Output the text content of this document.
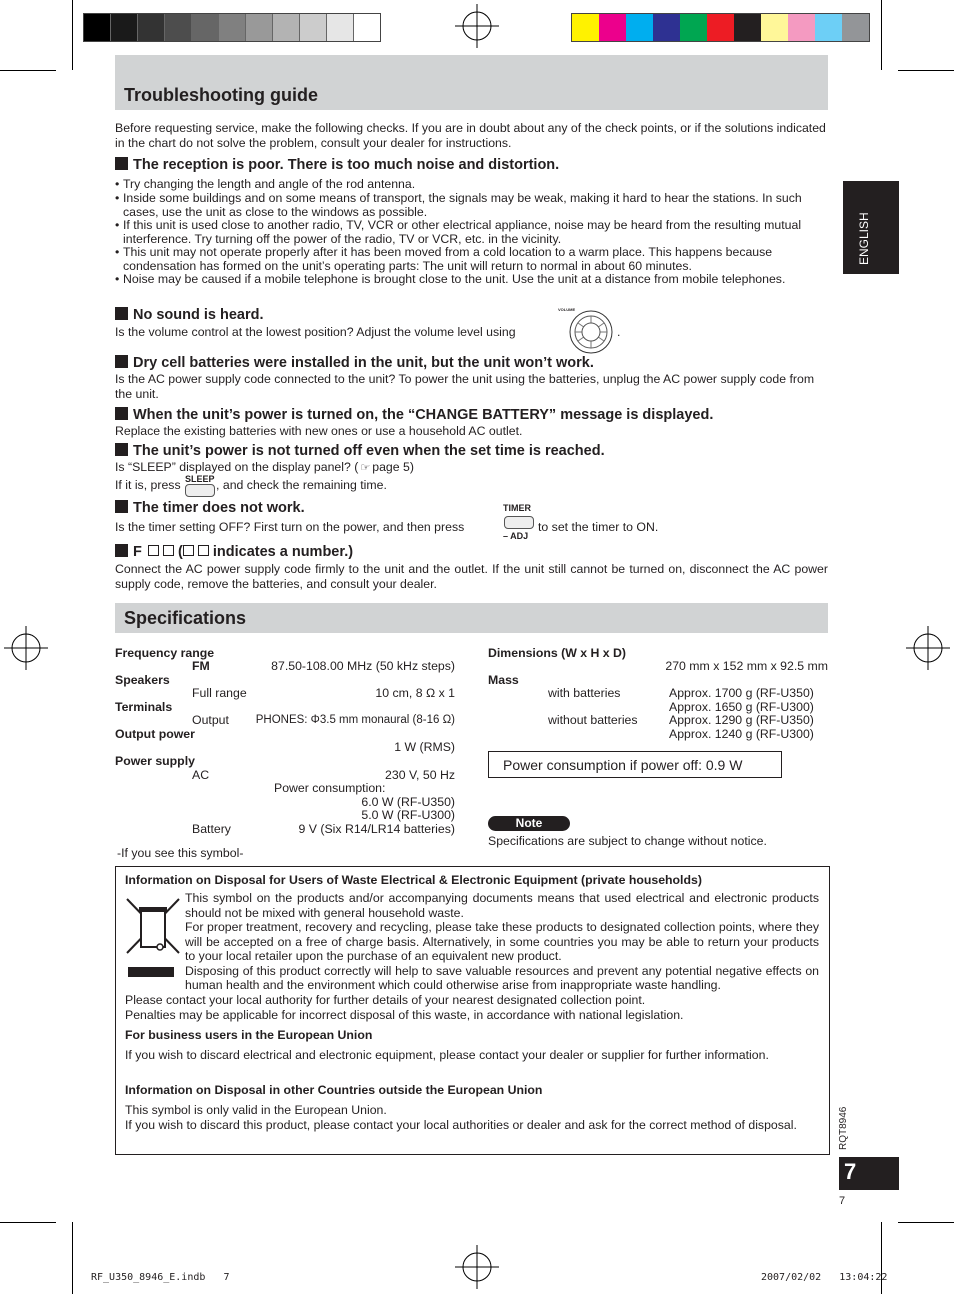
ENGLISH
Troubleshooting guide
Before requesting service, make the following checks. If you are in doubt about any of the check points, or if the solutions indicated in the chart do not solve the problem, consult your dealer for instructions.
The reception is poor. There is too much noise and distortion.
• Try changing the length and angle of the rod antenna.
• Inside some buildings and on some means of transport, the signals may be weak, making it hard to hear the stations. In such cases, use the unit as close to the windows as possible.
• If this unit is used close to another radio, TV, VCR or other electrical appliance, noise may be heard from the resulting mutual interference. Try turning off the power of the radio, TV or VCR, etc. in the vicinity.
• This unit may not operate properly after it has been moved from a cold location to a warm place. This happens because condensation has formed on the unit’s operating parts: The unit will return to normal in about 60 minutes.
• Noise may be caused if a mobile telephone is brought close to the unit. Use the unit at a distance from mobile telephones.
No sound is heard.
Is the volume control at the lowest position? Adjust the volume level using
VOLUME
.
Dry cell batteries were installed in the unit, but the unit won’t work.
Is the AC power supply code connected to the unit? To power the unit using the batteries, unplug the AC power supply code from the unit.
When the unit’s power is turned on, the “CHANGE BATTERY” message is displayed.
Replace the existing batteries with new ones or use a household AC outlet.
The unit’s power is not turned off even when the set time is reached.
Is “SLEEP” displayed on the display panel? ( ☞ page 5)
If it is, press SLEEP , and check the remaining time.
The timer does not work.
Is the timer setting OFF? First turn on the power, and then press
TIMER
– ADJ
to set the timer to ON.
F ( indicates a number.)
Connect the AC power supply code firmly to the unit and the outlet. If the unit still cannot be turned on, disconnect the AC power supply code, remove the batteries, and consult your dealer.
Specifications
Frequency range
FM	87.50-108.00 MHz (50 kHz steps)
Speakers
Full range	10 cm, 8 Ω x 1
Terminals
Output PHONES: Φ3.5 mm monaural (8-16 Ω)
Output power
1 W (RMS)
Power supply
AC	230 V, 50 Hz
Power consumption:
6.0 W (RF-U350)
5.0 W (RF-U300)
Battery	9 V (Six R14/LR14 batteries)
Dimensions (W x H x D)
270 mm x 152 mm x 92.5 mm
Mass
with batteries	Approx. 1700 g (RF-U350)
Approx. 1650 g (RF-U300)
without batteries	Approx. 1290 g (RF-U350)
Approx. 1240 g (RF-U300)
Power consumption if power off: 0.9 W
Note
Specifications are subject to change without notice.
-If you see this symbol-
Information on Disposal for Users of Waste Electrical & Electronic Equipment (private households)
This symbol on the products and/or accompanying documents means that used electrical and electronic products should not be mixed with general household waste.
For proper treatment, recovery and recycling, please take these products to designated collection points, where they will be accepted on a free of charge basis. Alternatively, in some countries you may be able to return your products to your local retailer upon the purchase of an equivalent new product.
Disposing of this product correctly will help to save valuable resources and prevent any potential negative effects on human health and the environment which could otherwise arise from inappropriate waste handling.
Please contact your local authority for further details of your nearest designated collection point.
Penalties may be applicable for incorrect disposal of this waste, in accordance with national legislation.
For business users in the European Union
If you wish to discard electrical and electronic equipment, please contact your dealer or supplier for further information.
Information on Disposal in other Countries outside the European Union
This symbol is only valid in the European Union.
If you wish to discard this product, please contact your local authorities or dealer and ask for the correct method of disposal.	RQT8946
7
7
RF_U350_8946_E.indb   7	2007/02/02   13:04:22
